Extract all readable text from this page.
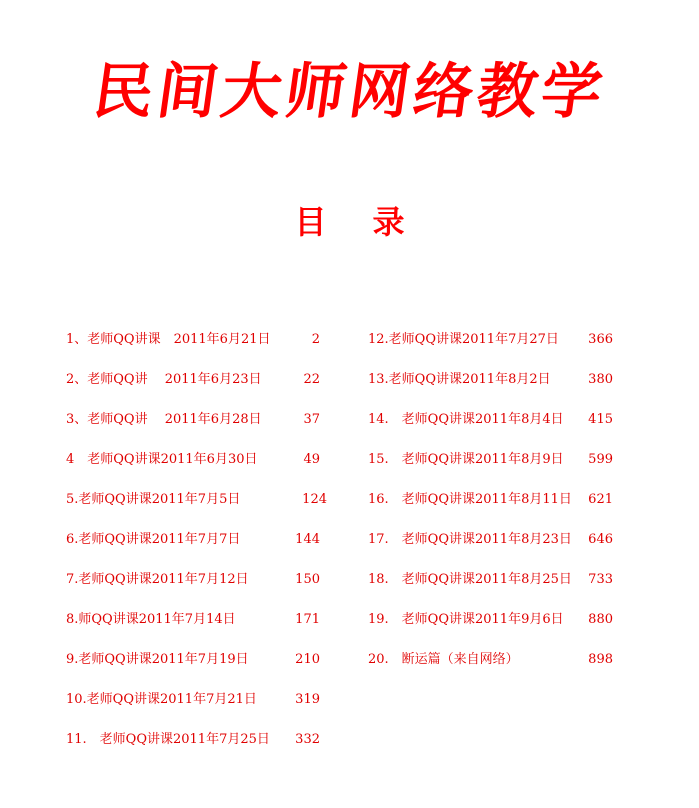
民间大师网络教学
目录
1、老师QQ讲课　2011年6月21日	2
2、老师QQ讲　 2011年6月23日	22
3、老师QQ讲　 2011年6月28日	37
4　老师QQ讲课2011年6月30日	49
5.老师QQ讲课2011年7月5日	124
6.老师QQ讲课2011年7月7日	144
7.老师QQ讲课2011年7月12日	150
8.师QQ讲课2011年7月14日	171
9.老师QQ讲课2011年7月19日	210
10.老师QQ讲课2011年7月21日	319
11.　老师QQ讲课2011年7月25日 332
12.老师QQ讲课2011年7月27日 366
13.老师QQ讲课2011年8月2日	380
14.　老师QQ讲课2011年8月4日 415
15.　老师QQ讲课2011年8月9日 599
16.　老师QQ讲课2011年8月11日 621
17.　老师QQ讲课2011年8月23日 646
18.　老师QQ讲课2011年8月25日 733
19.　老师QQ讲课2011年9月6日 880
20.　断运篇（来自网络）	898
